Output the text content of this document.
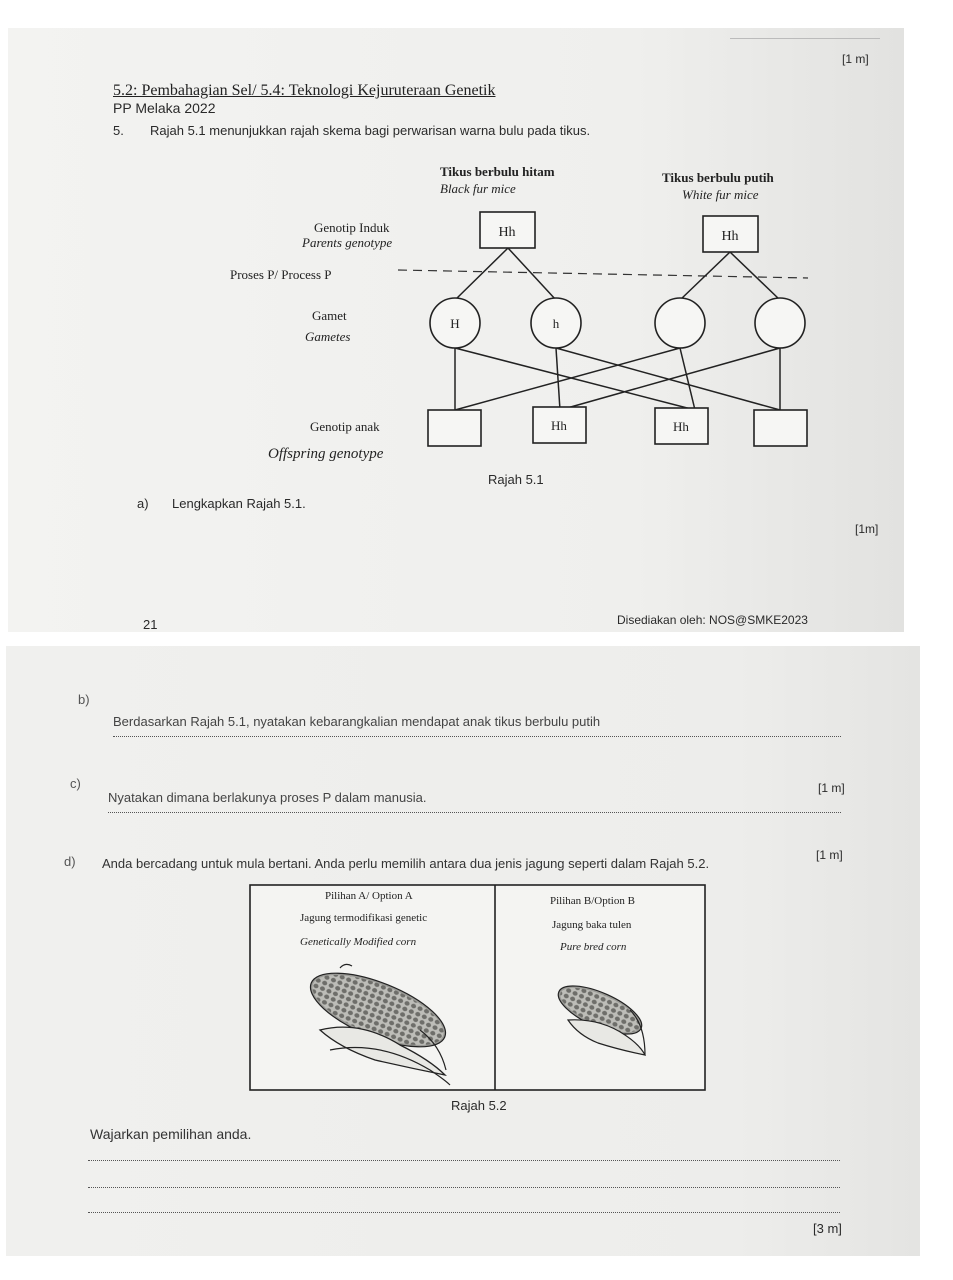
[1 m]
5.2: Pembahagian Sel/ 5.4: Teknologi Kejuruteraan Genetik
PP Melaka 2022
5. Rajah 5.1 menunjukkan rajah skema bagi perwarisan warna bulu pada tikus.
Tikus berbulu hitam
Black fur mice
Tikus berbulu putih
White fur mice
Genotip Induk
Parents genotype
Proses P/ Process P
Gamet
Gametes
Genotip anak
Offspring genotype
Hh	Hh
H	h
Hh	Hh
Rajah 5.1
a) Lengkapkan Rajah 5.1.
[1m]
21	Disediakan oleh: NOS@SMKE2023
b)
Berdasarkan Rajah 5.1, nyatakan kebarangkalian mendapat anak tikus berbulu putih
[1 m]
c)
Nyatakan dimana berlakunya proses P dalam manusia.
[1 m]
d) Anda bercadang untuk mula bertani. Anda perlu memilih antara dua jenis jagung seperti dalam Rajah 5.2.
Pilihan A/ Option A
Jagung termodifikasi genetic
Genetically Modified corn
Pilihan B/Option B
Jagung baka tulen
Pure bred corn
Rajah 5.2
Wajarkan pemilihan anda.
[3 m]
